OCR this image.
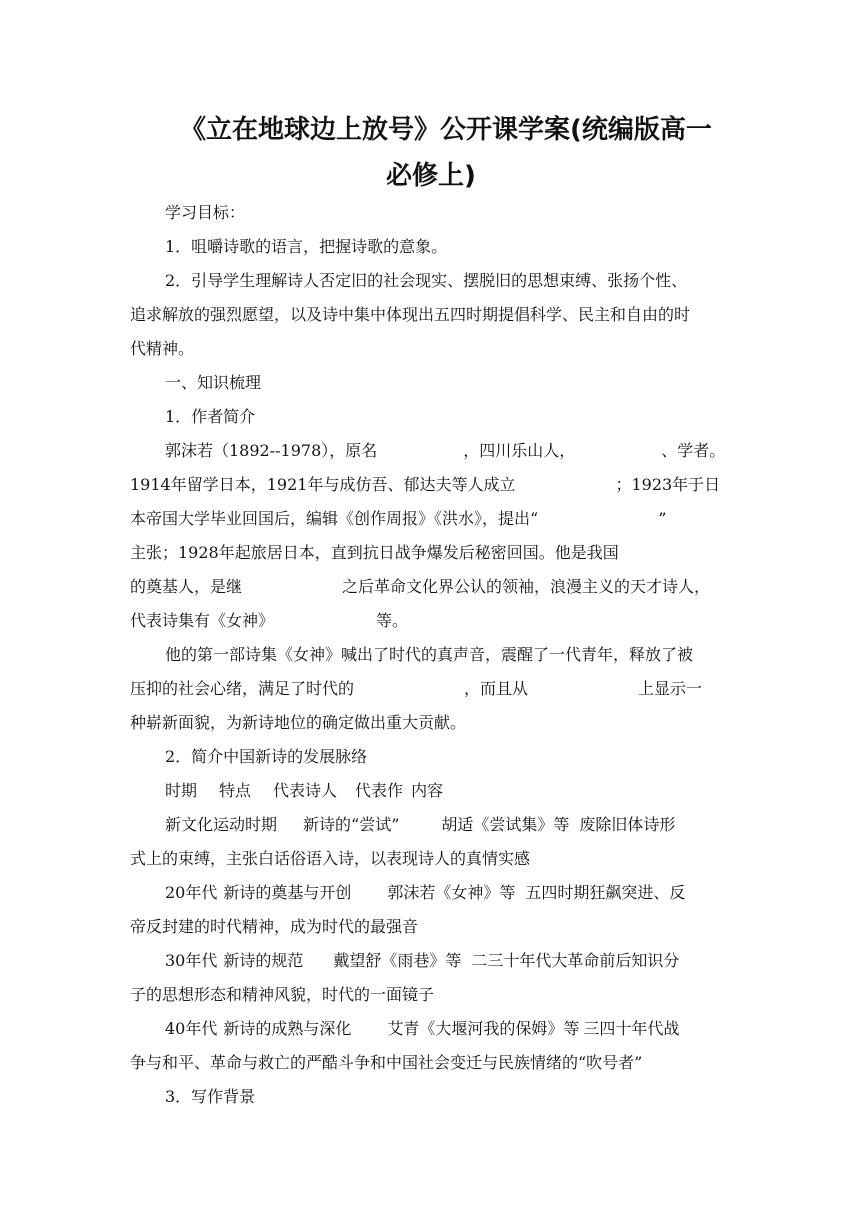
《立在地球边上放号》公开课学案(统编版高一
必修上)
学习目标：
1．咀嚼诗歌的语言，把握诗歌的意象。
2．引导学生理解诗人否定旧的社会现实、摆脱旧的思想束缚、张扬个性、
追求解放的强烈愿望，以及诗中集中体现出五四时期提倡科学、民主和自由的时
代精神。
一、知识梳理
1．作者简介
郭沫若（1892--1978），原名	，四川乐山人，	、学者。
1914年留学日本，1921年与成仿吾、郁达夫等人成立	；1923年于日
本帝国大学毕业回国后，编辑《创作周报》《洪水》，提出“	”
主张；1928年起旅居日本，直到抗日战争爆发后秘密回国。他是我国
的奠基人，是继	之后革命文化界公认的领袖，浪漫主义的天才诗人，
代表诗集有《女神》	等。
他的第一部诗集《女神》喊出了时代的真声音，震醒了一代青年，释放了被
压抑的社会心绪，满足了时代的	，而且从	上显示一
种崭新面貌，为新诗地位的确定做出重大贡献。
2．简介中国新诗的发展脉络
时期 特点 代表诗人 代表作 内容
新文化运动时期 新诗的“尝试”	胡适《尝试集》等 废除旧体诗形
式上的束缚，主张白话俗语入诗，以表现诗人的真情实感
20年代 新诗的奠基与开创 郭沫若《女神》等 五四时期狂飙突进、反
帝反封建的时代精神，成为时代的最强音
30年代 新诗的规范 戴望舒《雨巷》等 二三十年代大革命前后知识分
子的思想形态和精神风貌，时代的一面镜子
40年代 新诗的成熟与深化 艾青《大堰河我的保姆》等 三四十年代战
争与和平、革命与救亡的严酷斗争和中国社会变迁与民族情绪的“吹号者”
3．写作背景
